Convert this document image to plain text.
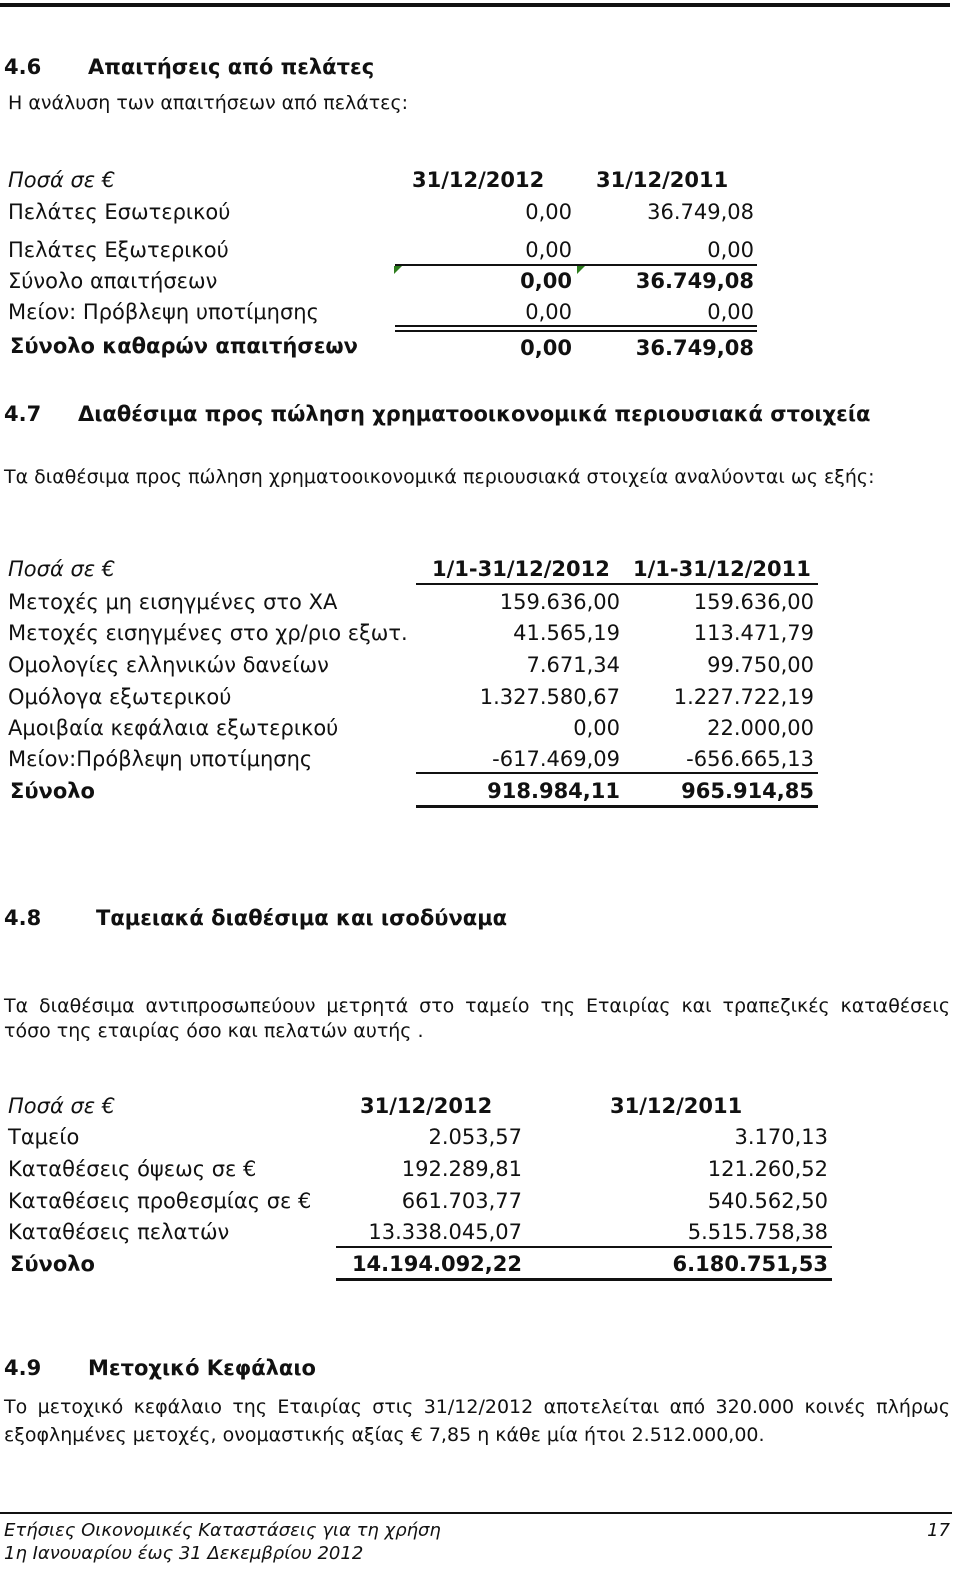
4.6 Απαιτήσεις από πελάτες
Η ανάλυση των απαιτήσεων από πελάτες:
Ποσά σε €	31/12/2012 31/12/2011
Πελάτες Εσωτερικού	0,00	36.749,08
Πελάτες Εξωτερικού	0,00	0,00
Σύνολο απαιτήσεων	0,00	36.749,08
Μείον: Πρόβλεψη υποτίμησης	0,00	0,00
Σύνολο καθαρών απαιτήσεων	0,00	36.749,08
4.7 Διαθέσιμα προς πώληση χρηματοοικονομικά περιουσιακά στοιχεία
Τα διαθέσιμα προς πώληση χρηματοοικονομικά περιουσιακά στοιχεία αναλύονται ως εξής:
Ποσά σε €	1/1-31/12/2012 1/1-31/12/2011
Μετοχές μη εισηγμένες στο ΧΑ	159.636,00	159.636,00
Μετοχές εισηγμένες στο χρ/ριο εξωτ.	41.565,19	113.471,79
Ομολογίες ελληνικών δανείων	7.671,34	99.750,00
Ομόλογα εξωτερικού	1.327.580,67	1.227.722,19
Αμοιβαία κεφάλαια εξωτερικού	0,00	22.000,00
Μείον:Πρόβλεψη υποτίμησης	-617.469,09	-656.665,13
Σύνολο	918.984,11	965.914,85
4.8	Ταμειακά διαθέσιμα και ισοδύναμα
Τα διαθέσιμα αντιπροσωπεύουν μετρητά στο ταμείο της Εταιρίας και τραπεζικές καταθέσεις τόσο της εταιρίας όσο και πελατών αυτής .
Ποσά σε €	31/12/2012	31/12/2011
Ταμείο	2.053,57	3.170,13
Καταθέσεις όψεως σε €	192.289,81	121.260,52
Καταθέσεις προθεσμίας σε €	661.703,77	540.562,50
Καταθέσεις πελατών	13.338.045,07	5.515.758,38
Σύνολο	14.194.092,22	6.180.751,53
4.9 Μετοχικό Κεφάλαιο
Το μετοχικό κεφάλαιο της Εταιρίας στις 31/12/2012 αποτελείται από 320.000 κοινές πλήρως εξοφλημένες μετοχές, ονομαστικής αξίας € 7,85 η κάθε μία ήτοι 2.512.000,00.
Ετήσιες Οικονομικές Καταστάσεις για τη χρήση
1η Ιανουαρίου έως 31 Δεκεμβρίου 2012
17
